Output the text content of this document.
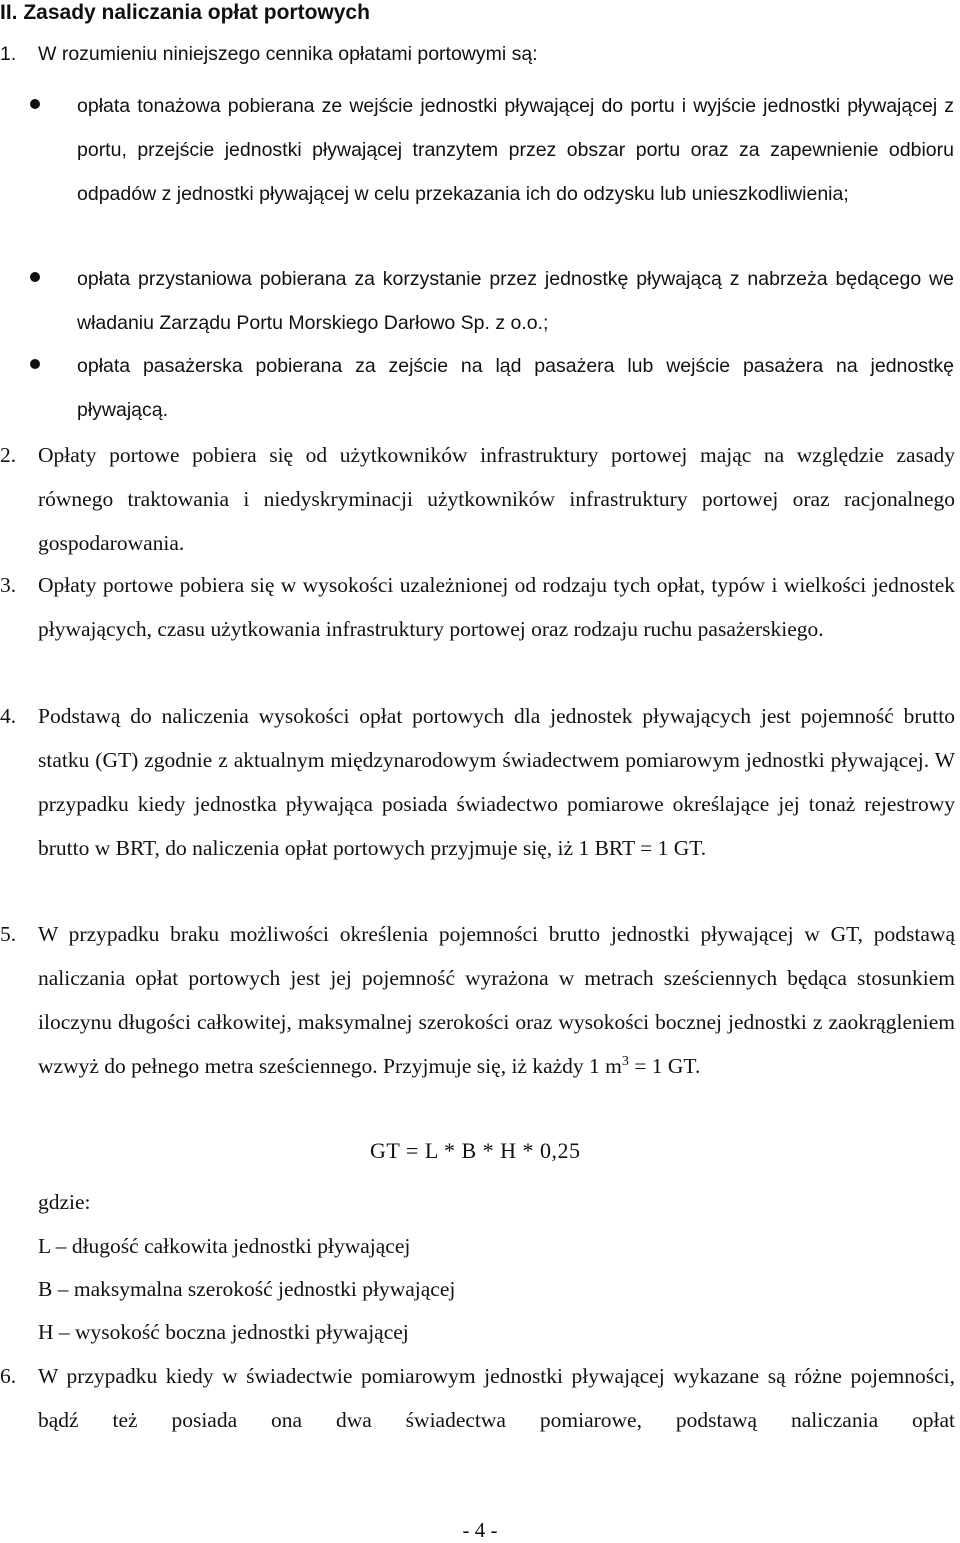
II. Zasady naliczania opłat portowych
1. W rozumieniu niniejszego cennika opłatami portowymi są:
opłata tonażowa pobierana ze wejście jednostki pływającej do portu i wyjście jednostki pływającej z portu, przejście jednostki pływającej tranzytem przez obszar portu oraz za zapewnienie odbioru odpadów z jednostki pływającej w celu przekazania ich do odzysku lub unieszkodliwienia;
opłata przystaniowa pobierana za korzystanie przez jednostkę pływającą z nabrzeża będącego we władaniu Zarządu Portu Morskiego Darłowo Sp. z o.o.;
opłata pasażerska pobierana za zejście na ląd pasażera lub wejście pasażera na jednostkę pływającą.
2. Opłaty portowe pobiera się od użytkowników infrastruktury portowej mając na względzie zasady równego traktowania i niedyskryminacji użytkowników infrastruktury portowej oraz racjonalnego gospodarowania.
3. Opłaty portowe pobiera się w wysokości uzależnionej od rodzaju tych opłat, typów i wielkości jednostek pływających, czasu użytkowania infrastruktury portowej oraz rodzaju ruchu pasażerskiego.
4. Podstawą do naliczenia wysokości opłat portowych dla jednostek pływających jest pojemność brutto statku (GT) zgodnie z aktualnym międzynarodowym świadectwem pomiarowym jednostki pływającej. W przypadku kiedy jednostka pływająca posiada świadectwo pomiarowe określające jej tonaż rejestrowy brutto w BRT, do naliczenia opłat portowych przyjmuje się, iż 1 BRT = 1 GT.
5. W przypadku braku możliwości określenia pojemności brutto jednostki pływającej w GT, podstawą naliczania opłat portowych jest jej pojemność wyrażona w metrach sześciennych będąca stosunkiem iloczynu długości całkowitej, maksymalnej szerokości oraz wysokości bocznej jednostki z zaokrągleniem wzwyż do pełnego metra sześciennego. Przyjmuje się, iż każdy 1 $m^3 = 1$ GT.
GT = L * B * H * 0,25
gdzie:
L – długość całkowita jednostki pływającej
B – maksymalna szerokość jednostki pływającej
H – wysokość boczna jednostki pływającej
6. W przypadku kiedy w świadectwie pomiarowym jednostki pływającej wykazane są różne pojemności, bądź też posiada ona dwa świadectwa pomiarowe, podstawą naliczania opłat
- 4 -
